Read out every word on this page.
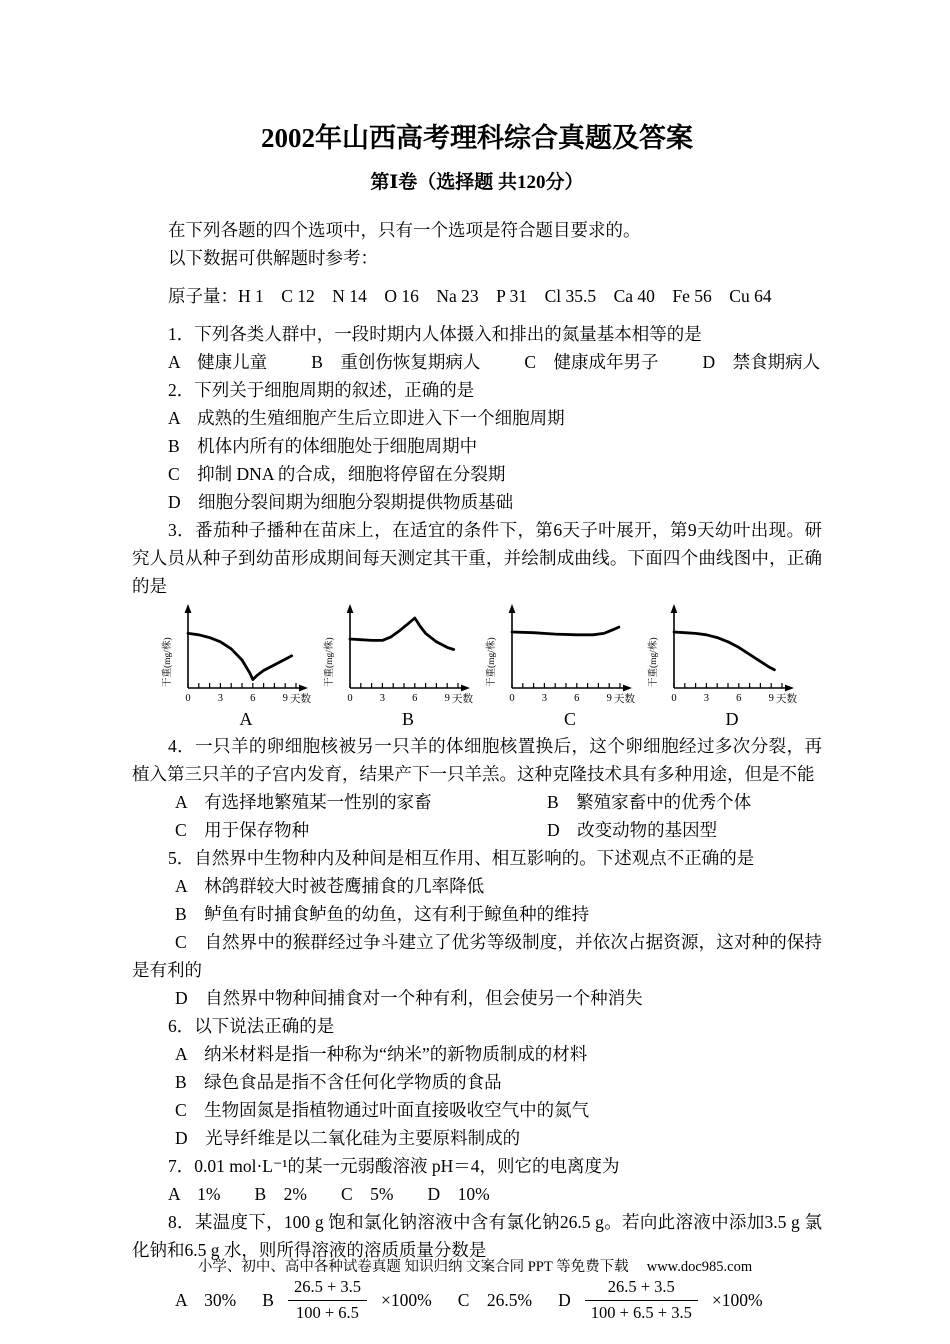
2002年山西高考理科综合真题及答案
第Ⅰ卷（选择题 共120分）

在下列各题的四个选项中，只有一个选项是符合题目要求的。

以下数据可供解题时参考：

原子量：H 1　C 12　N 14　O 16　Na 23　P 31　Cl 35.5　Ca 40　Fe 56　Cu 64

1．下列各类人群中，一段时期内人体摄入和排出的氮量基本相等的是

A　健康儿童	B　重创伤恢复期病人	C　健康成年男子	D　禁食期病人

2．下列关于细胞周期的叙述，正确的是

A　成熟的生殖细胞产生后立即进入下一个细胞周期

B　机体内所有的体细胞处于细胞周期中

C　抑制 DNA 的合成，细胞将停留在分裂期

D　细胞分裂间期为细胞分裂期提供物质基础

3．番茄种子播种在苗床上，在适宜的条件下，第6天子叶展开，第9天幼叶出现。研究人员从种子到幼苗形成期间每天测定其干重，并绘制成曲线。下面四个曲线图中，正确的是

0	3	6	9 天数
干重(mg/株)
A
0	3	6	9 天数
干重(mg/株)
B
0	3	6	9 天数
干重(mg/株)
C
0	3	6	9 天数
干重(mg/株)
D

4．一只羊的卵细胞核被另一只羊的体细胞核置换后，这个卵细胞经过多次分裂，再植入第三只羊的子宫内发育，结果产下一只羊羔。这种克隆技术具有多种用途，但是不能

A　有选择地繁殖某一性别的家畜	B　繁殖家畜中的优秀个体
C　用于保存物种	D　改变动物的基因型

5．自然界中生物种内及种间是相互作用、相互影响的。下述观点不正确的是

A　林鸽群较大时被苍鹰捕食的几率降低

B　鲈鱼有时捕食鲈鱼的幼鱼，这有利于鲸鱼种的维持

C　自然界中的猴群经过争斗建立了优劣等级制度，并依次占据资源，这对种的保持是有利的

D　自然界中物种间捕食对一个种有利，但会使另一个种消失

6．以下说法正确的是

A　纳米材料是指一种称为“纳米”的新物质制成的材料

B　绿色食品是指不含任何化学物质的食品

C　生物固氮是指植物通过叶面直接吸收空气中的氮气

D　光导纤维是以二氧化硅为主要原料制成的

7．0.01 mol·L⁻¹的某一元弱酸溶液 pH＝4，则它的电离度为

A　1% B　2% C　5% D　10%

8．某温度下，100 g 饱和氯化钠溶液中含有氯化钠26.5 g。若向此溶液中添加3.5 g 氯化钠和6.5 g 水，则所得溶液的溶质质量分数是

A　30% B $\frac{26.5 + 3.5}{100 + 6.5} \times 100\%$ C　26.5% D $\frac{26.5 + 3.5}{100 + 6.5 + 3.5} \times 100\%$
小学、初中、高中各种试卷真题 知识归纳 文案合同 PPT 等免费下载　 www.doc985.com
